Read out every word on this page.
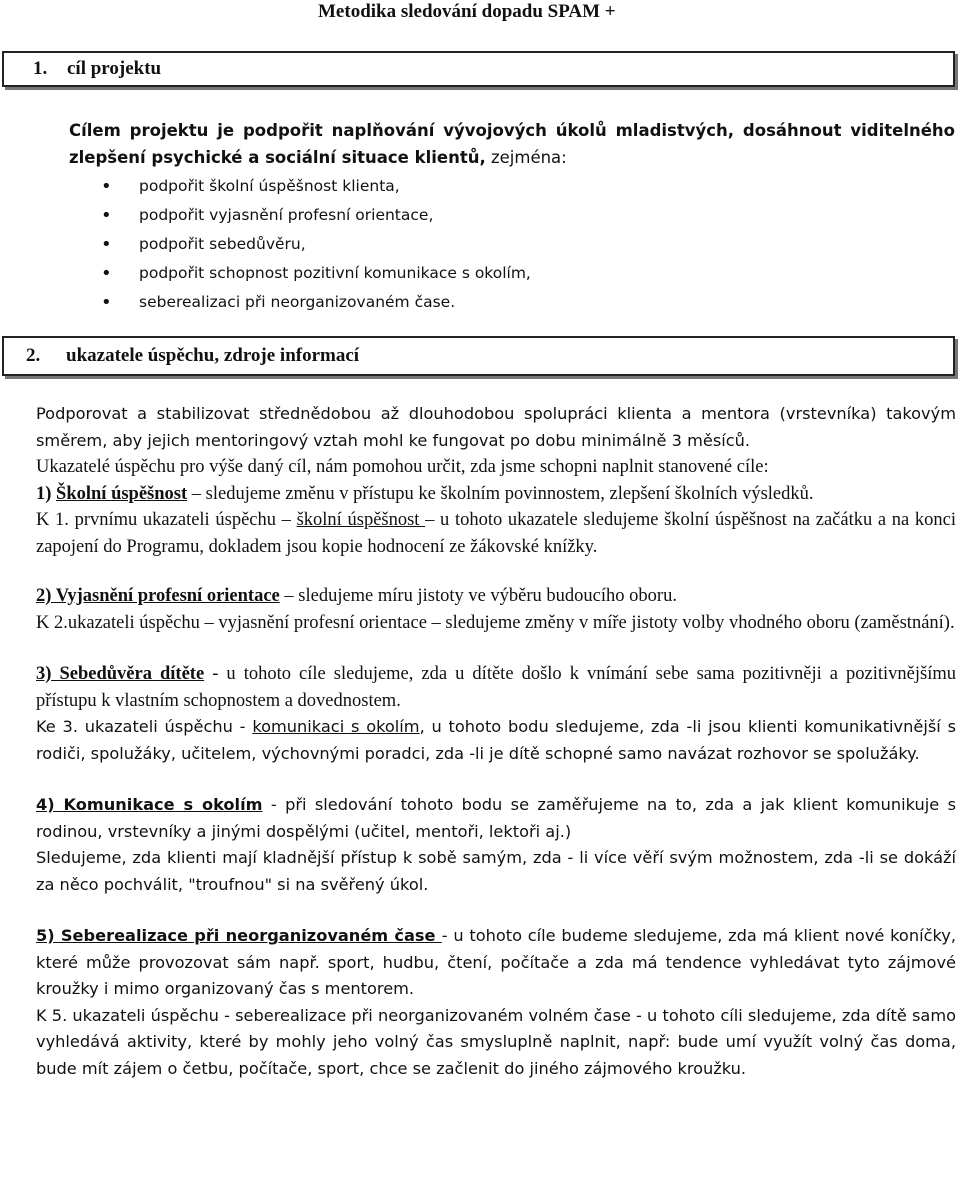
Metodika sledování dopadu SPAM +
1.	cíl projektu
Cílem projektu je podpořit naplňování vývojových úkolů mladistvých, dosáhnout viditelného zlepšení psychické a sociální situace klientů, zejména:
• podpořit školní úspěšnost klienta,
• podpořit vyjasnění profesní orientace,
• podpořit sebedůvěru,
• podpořit schopnost pozitivní komunikace s okolím,
• seberealizaci při neorganizovaném čase.
2.	ukazatele úspěchu, zdroje informací

Podporovat a stabilizovat střednědobou až dlouhodobou spolupráci klienta a mentora (vrstevníka) takovým směrem, aby jejich mentoringový vztah mohl ke fungovat po dobu minimálně 3 měsíců.

Ukazatelé úspěchu pro výše daný cíl, nám pomohou určit, zda jsme schopni naplnit stanovené cíle:

1) Školní úspěšnost – sledujeme změnu v přístupu ke školním povinnostem, zlepšení školních výsledků.

K 1. prvnímu ukazateli úspěchu – školní úspěšnost – u tohoto ukazatele sledujeme školní úspěšnost na začátku a na konci zapojení do Programu, dokladem jsou kopie hodnocení ze žákovské knížky.

2) Vyjasnění profesní orientace – sledujeme míru jistoty ve výběru budoucího oboru.

K 2.ukazateli úspěchu – vyjasnění profesní orientace – sledujeme změny v míře jistoty volby vhodného oboru (zaměstnání).

3) Sebedůvěra dítěte - u tohoto cíle sledujeme, zda u dítěte došlo k vnímání sebe sama pozitivněji a pozitivnějšímu přístupu k vlastním schopnostem a dovednostem.

Ke 3. ukazateli úspěchu - komunikaci s okolím, u tohoto bodu sledujeme, zda -li jsou klienti komunikativnější s rodiči, spolužáky, učitelem, výchovnými poradci, zda -li je dítě schopné samo navázat rozhovor se spolužáky.

4) Komunikace s okolím - při sledování tohoto bodu se zaměřujeme na to, zda a jak klient komunikuje s rodinou, vrstevníky a jinými dospělými (učitel, mentoři, lektoři aj.)

Sledujeme, zda klienti mají kladnější přístup k sobě samým, zda - li více věří svým možnostem, zda -li se dokáží za něco pochválit, "troufnou" si na svěřený úkol.

5) Seberealizace při neorganizovaném čase - u tohoto cíle budeme sledujeme, zda má klient nové koníčky, které může provozovat sám např. sport, hudbu, čtení, počítače a zda má tendence vyhledávat tyto zájmové kroužky i mimo organizovaný čas s mentorem.

K 5. ukazateli úspěchu - seberealizace při neorganizovaném volném čase - u tohoto cíli sledujeme, zda dítě samo vyhledává aktivity, které by mohly jeho volný čas smysluplně naplnit, např: bude umí využít volný čas doma, bude mít zájem o četbu, počítače, sport, chce se začlenit do jiného zájmového kroužku.
